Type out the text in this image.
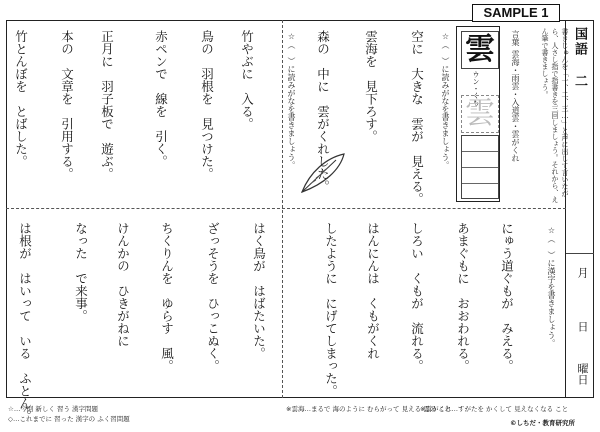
SAMPLE 1
国語 二
月
日
曜日
書きじゅんを「一、二、三…」と声に出して言いながら、人さし指で指書きを三回しましょう。それから、えん筆で書きましょう。
雲
ウン・くも
雲
言葉
雲海・雨雲・入道雲・雲がくれ
☆（　）に読みがなを書きましょう。
空に　大きな　雲が　見える。
雲海を　見下ろす。
森の　中に　雲がくれした。
☆（　）に読みがなを書きましょう。
竹やぶに　入る。
鳥の　羽根を　見つけた。
赤ペンで　線を　引く。
正月に　羽子板で　遊ぶ。
本の　文章を　引用する。
竹とんぼを　とばした。
☆（　）に漢字を書きましょう。
にゅう道ぐもが　みえる。
あまぐもに　おおわれる。
しろい　くもが　流れる。
はんにんは　くもがくれ
したように　にげてしまった。
はく鳥が　はばたいた。
ざっそうを　ひっこぬく。
ちくりんを　ゆらす　風。
けんかの　ひきがねに
なった　で来事。
は根が　はいって　いる　ふとん。
☆…今回 新しく 習う 漢字問題
◇…これまでに 習った 漢字の ふく習問題
※雲海…まるで 海のように むらがって 見える 雲の こと
※雲がくれ…すがたを かくして 見えなくなる こと
©しちだ・教育研究所
